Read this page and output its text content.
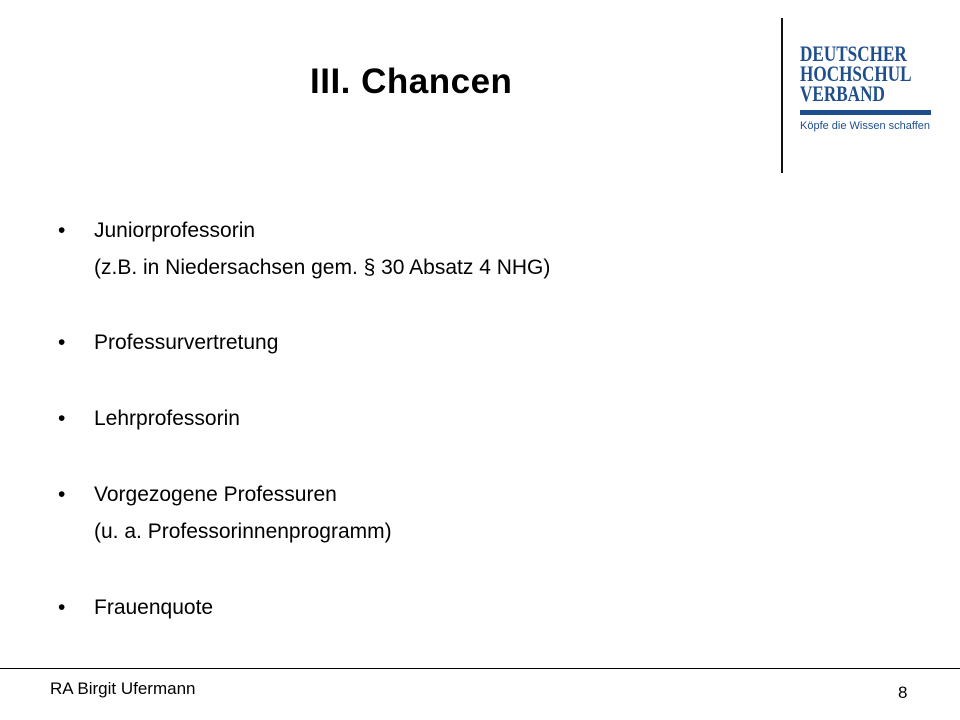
III. Chancen
DEUTSCHER
HOCHSCHUL
VERBAND
Köpfe die Wissen schaffen
• Juniorprofessorin
(z.B. in Niedersachsen gem. § 30 Absatz 4 NHG)
• Professurvertretung
• Lehrprofessorin
• Vorgezogene Professuren
(u. a. Professorinnenprogramm)
• Frauenquote
RA Birgit Ufermann	8
